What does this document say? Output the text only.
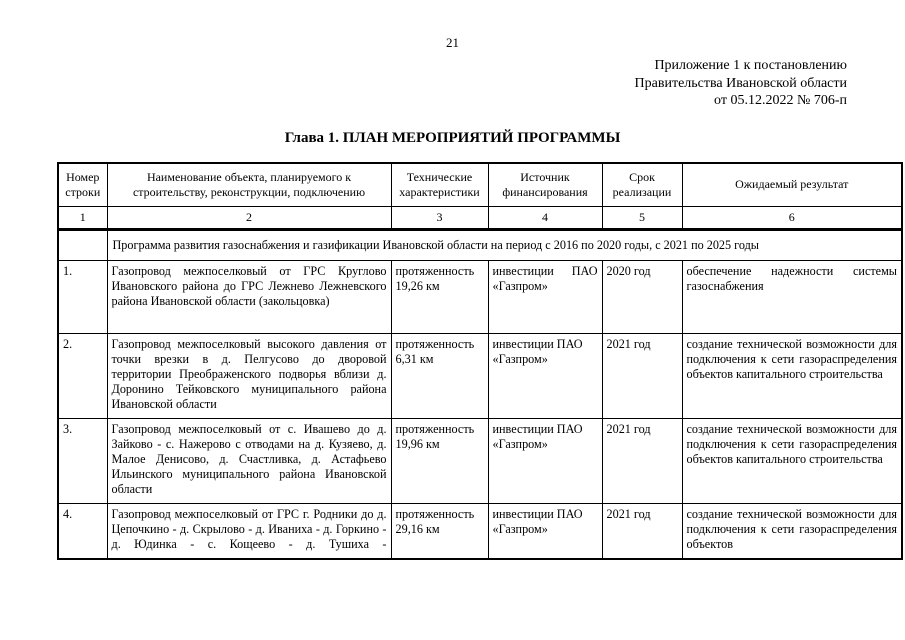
21
Приложение 1 к постановлению
Правительства Ивановской области
от 05.12.2022 № 706-п
Глава 1. ПЛАН МЕРОПРИЯТИЙ ПРОГРАММЫ
Номер строки	Наименование объекта, планируемого к строительству, реконструкции, подключению	Технические характеристики	Источник финансирования	Срок реализации	Ожидаемый результат
1	2	3	4	5	6
	Программа развития газоснабжения и газификации Ивановской области на период с 2016 по 2020 годы, с 2021 по 2025 годы				
1.	Газопровод межпоселковый от ГРС Круглово Ивановского района до ГРС Лежнево Лежневского района Ивановской области (закольцовка)	протяженность 19,26 км	инвестиции ПАО «Газпром»	2020 год	обеспечение надежности системы газоснабжения
2.	Газопровод межпоселковый высокого давления от точки врезки в д. Пелгусово до дворовой территории Преображенского подворья вблизи д. Доронино Тейковского муниципального района Ивановской области	протяженность 6,31 км	инвестиции ПАО «Газпром»	2021 год	создание технической возможности для подключения к сети газораспределения объектов капитального строительства
3.	Газопровод межпоселковый от с. Ивашево до д. Зайково - с. Нажерово с отводами на д. Кузяево, д. Малое Денисово, д. Счастливка, д. Астафьево Ильинского муниципального района Ивановской области	протяженность 19,96 км	инвестиции ПАО «Газпром»	2021 год	создание технической возможности для подключения к сети газораспределения объектов капитального строительства
4.	Газопровод межпоселковый от ГРС г. Родники до д. Цепочкино - д. Скрылово - д. Иваниха - д. Горкино - д. Юдинка - с. Кощеево - д. Тушиха -	протяженность 29,16 км	инвестиции ПАО «Газпром»	2021 год	создание технической возможности для подключения к сети газораспределения объектов
